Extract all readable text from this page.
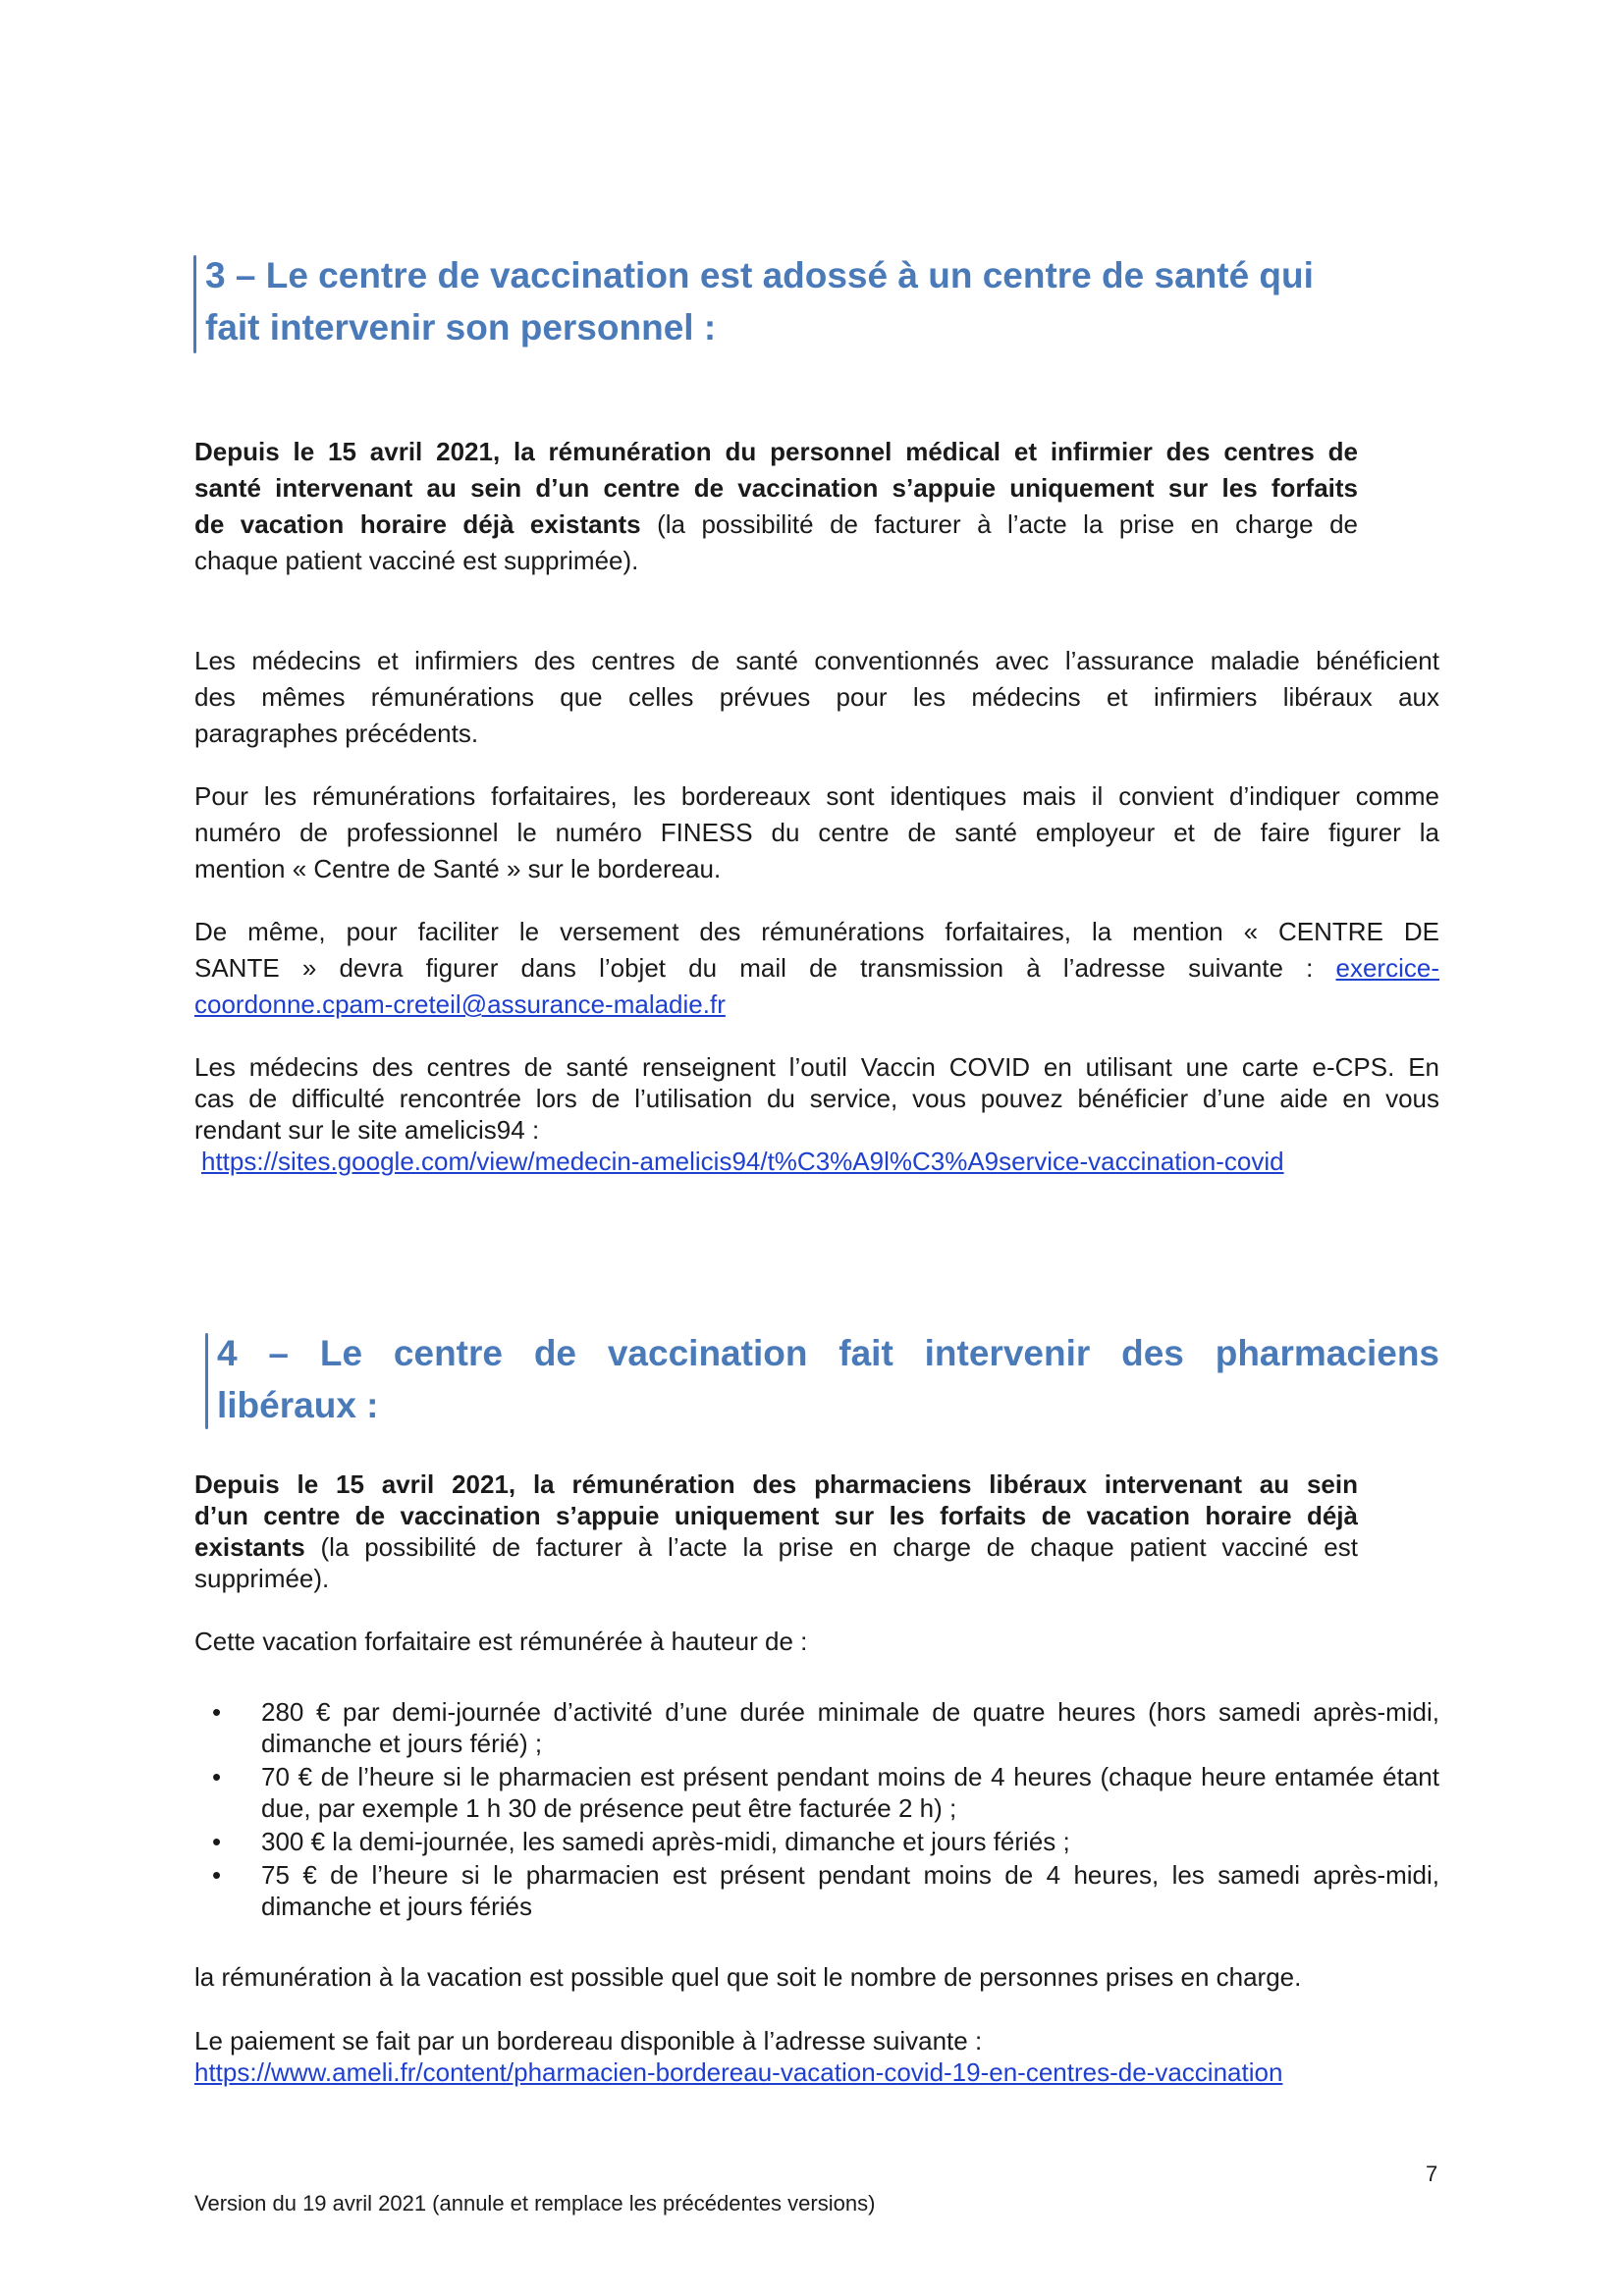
3 – Le centre de vaccination est adossé à un centre de santé qui
fait intervenir son personnel :

Depuis le 15 avril 2021, la rémunération du personnel médical et infirmier des centres de
santé intervenant au sein d’un centre de vaccination s’appuie uniquement sur les forfaits
de vacation horaire déjà existants (la possibilité de facturer à l’acte la prise en charge de
chaque patient vacciné est supprimée).

Les médecins et infirmiers des centres de santé conventionnés avec l’assurance maladie bénéficient
des mêmes rémunérations que celles prévues pour les médecins et infirmiers libéraux aux
paragraphes précédents.

Pour les rémunérations forfaitaires, les bordereaux sont identiques mais il convient d’indiquer comme
numéro de professionnel le numéro FINESS du centre de santé employeur et de faire figurer la
mention « Centre de Santé » sur le bordereau.

De même, pour faciliter le versement des rémunérations forfaitaires, la mention « CENTRE DE
SANTE » devra figurer dans l’objet du mail de transmission à l’adresse suivante : exercice-
coordonne.cpam-creteil@assurance-maladie.fr

Les médecins des centres de santé renseignent l’outil Vaccin COVID en utilisant une carte e-CPS. En
cas de difficulté rencontrée lors de l’utilisation du service, vous pouvez bénéficier d’une aide en vous
rendant sur le site amelicis94 :
https://sites.google.com/view/medecin-amelicis94/t%C3%A9l%C3%A9service-vaccination-covid

4 – Le centre de vaccination fait intervenir des pharmaciens
libéraux :

Depuis le 15 avril 2021, la rémunération des pharmaciens libéraux intervenant au sein
d’un centre de vaccination s’appuie uniquement sur les forfaits de vacation horaire déjà
existants (la possibilité de facturer à l’acte la prise en charge de chaque patient vacciné est
supprimée).

Cette vacation forfaitaire est rémunérée à hauteur de :

• 280 € par demi-journée d’activité d’une durée minimale de quatre heures (hors samedi après-midi, dimanche et jours férié) ;
• 70 € de l’heure si le pharmacien est présent pendant moins de 4 heures (chaque heure entamée étant due, par exemple 1 h 30 de présence peut être facturée 2 h) ;
• 300 € la demi-journée, les samedi après-midi, dimanche et jours fériés ;
• 75 € de l’heure si le pharmacien est présent pendant moins de 4 heures, les samedi après-midi, dimanche et jours fériés

la rémunération à la vacation est possible quel que soit le nombre de personnes prises en charge.

Le paiement se fait par un bordereau disponible à l’adresse suivante :
https://www.ameli.fr/content/pharmacien-bordereau-vacation-covid-19-en-centres-de-vaccination

7
Version du 19 avril 2021 (annule et remplace les précédentes versions)
